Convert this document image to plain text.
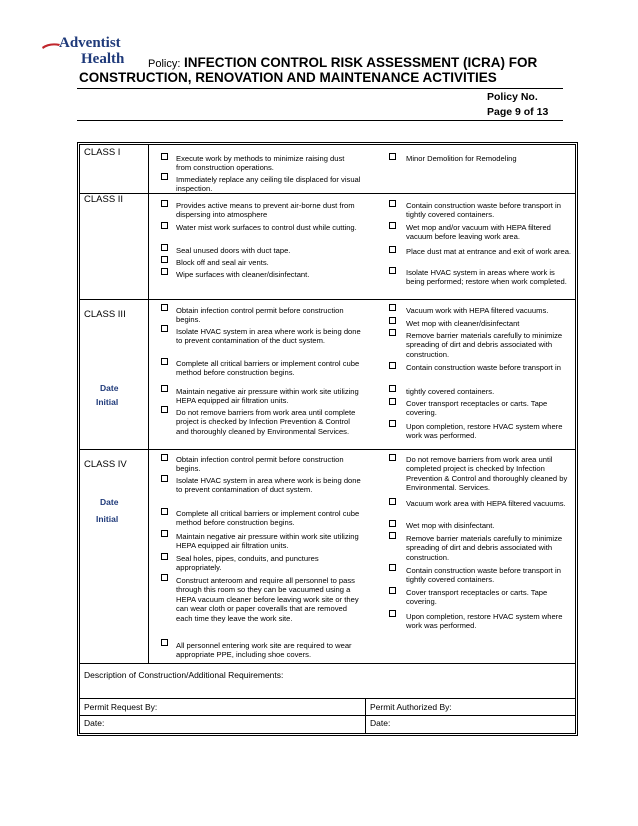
Adventist
Health Policy: INFECTION CONTROL RISK ASSESSMENT (ICRA) FOR
CONSTRUCTION, RENOVATION AND MAINTENANCE ACTIVITIES
Policy No.
Page 9 of 13
CLASS I
Execute work by methods to minimize raising dust from construction operations.
Immediately replace any ceiling tile displaced for visual inspection.
Minor Demolition for Remodeling
CLASS II
Provides active means to prevent air-borne dust from dispersing into atmosphere
Water mist work surfaces to control dust while cutting.
Seal unused doors with duct tape.
Block off and seal air vents.
Wipe surfaces with cleaner/disinfectant.
Contain construction waste before transport in tightly covered containers.
Wet mop and/or vacuum with HEPA filtered vacuum before leaving work area.
Place dust mat at entrance and exit of work area.
Isolate HVAC system in areas where work is being performed; restore when work completed.
CLASS III
Date
Initial
Obtain infection control permit before construction begins.
Isolate HVAC system in area where work is being done to prevent contamination of the duct system.
Complete all critical barriers or implement control cube method before construction begins.
Maintain negative air pressure within work site utilizing HEPA equipped air filtration units.
Do not remove barriers from work area until complete project is checked by Infection Prevention & Control and thoroughly cleaned by Environmental Services.
Vacuum work with HEPA filtered vacuums.
Wet mop with cleaner/disinfectant
Remove barrier materials carefully to minimize spreading of dirt and debris associated with construction.
Contain construction waste before transport in
tightly covered containers.
Cover transport receptacles or carts. Tape covering.
Upon completion, restore HVAC system where work was performed.
CLASS IV
Date
Initial
Obtain infection control permit before construction begins.
Isolate HVAC system in area where work is being done to prevent contamination of duct system.
Complete all critical barriers or implement control cube method before construction begins.
Maintain negative air pressure within work site utilizing HEPA equipped air filtration units.
Seal holes, pipes, conduits, and punctures appropriately.
Construct anteroom and require all personnel to pass through this room so they can be vacuumed using a HEPA vacuum cleaner before leaving work site or they can wear cloth or paper coveralls that are removed each time they leave the work site.
All personnel entering work site are required to wear appropriate PPE, including shoe covers.
Do not remove barriers from work area until completed project is checked by Infection Prevention & Control and thoroughly cleaned by Environmental. Services.
Vacuum work area with HEPA filtered vacuums.
Wet mop with disinfectant.
Remove barrier materials carefully to minimize spreading of dirt and debris associated with construction.
Contain construction waste before transport in tightly covered containers.
Cover transport receptacles or carts. Tape covering.
Upon completion, restore HVAC system where work was performed.
Description of Construction/Additional Requirements:
Permit Request By:	Permit Authorized By:
Date:	Date:
